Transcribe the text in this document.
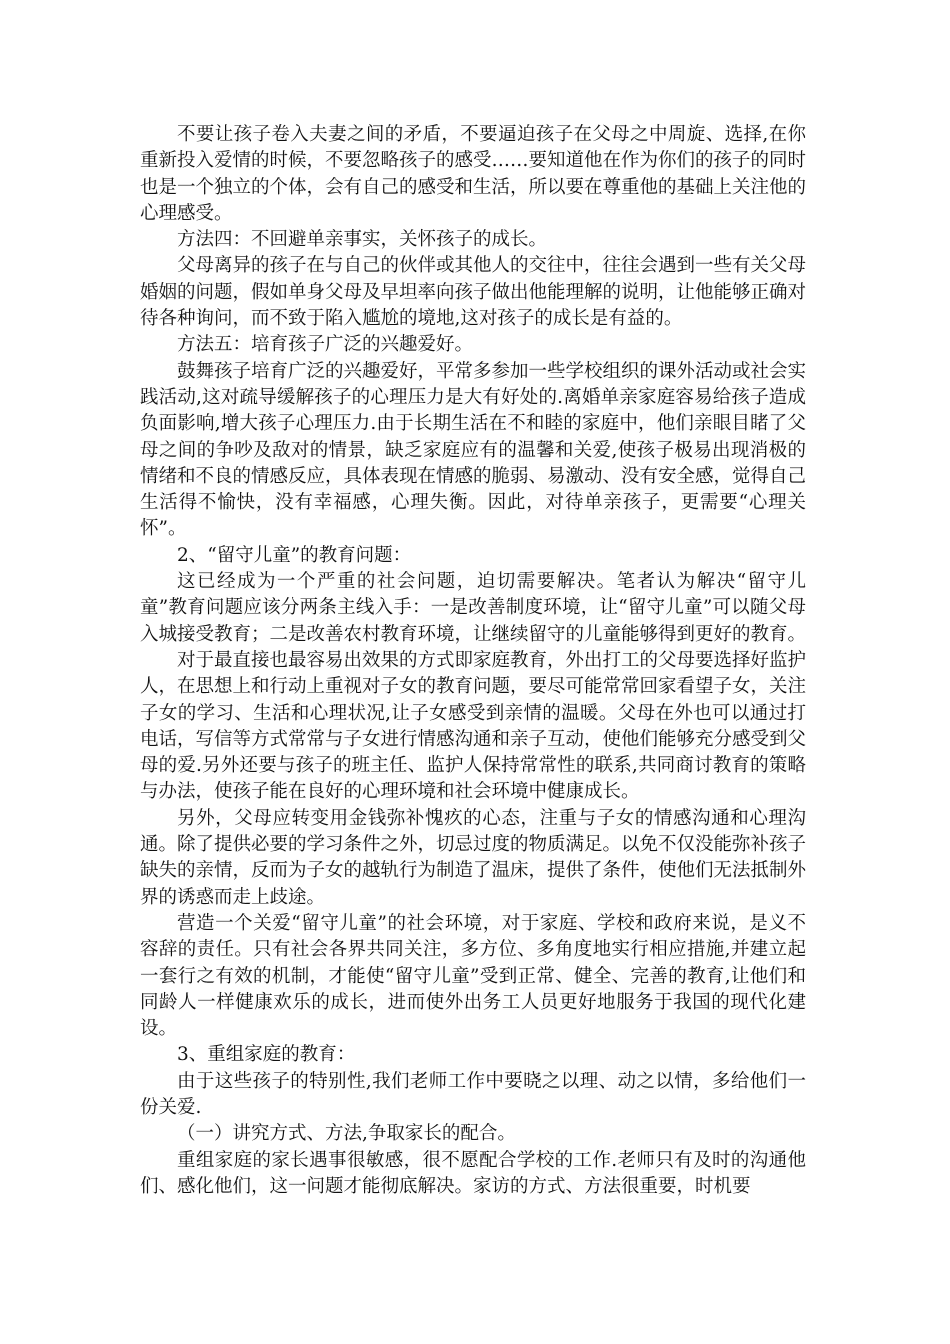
不要让孩子卷入夫妻之间的矛盾，不要逼迫孩子在父母之中周旋、选择,在你重新投入爱情的时候，不要忽略孩子的感受……要知道他在作为你们的孩子的同时也是一个独立的个体，会有自己的感受和生活，所以要在尊重他的基础上关注他的心理感受。

方法四：不回避单亲事实，关怀孩子的成长。

父母离异的孩子在与自己的伙伴或其他人的交往中，往往会遇到一些有关父母婚姻的问题，假如单身父母及早坦率向孩子做出他能理解的说明，让他能够正确对待各种询问，而不致于陷入尴尬的境地,这对孩子的成长是有益的。

方法五：培育孩子广泛的兴趣爱好。

鼓舞孩子培育广泛的兴趣爱好，平常多参加一些学校组织的课外活动或社会实践活动,这对疏导缓解孩子的心理压力是大有好处的.离婚单亲家庭容易给孩子造成负面影响,增大孩子心理压力.由于长期生活在不和睦的家庭中，他们亲眼目睹了父母之间的争吵及敌对的情景，缺乏家庭应有的温馨和关爱,使孩子极易出现消极的情绪和不良的情感反应，具体表现在情感的脆弱、易激动、没有安全感，觉得自己生活得不愉快，没有幸福感，心理失衡。因此，对待单亲孩子，更需要“心理关怀”。

2、“留守儿童”的教育问题：

这已经成为一个严重的社会问题，迫切需要解决。笔者认为解决“留守儿童”教育问题应该分两条主线入手：一是改善制度环境，让“留守儿童”可以随父母入城接受教育；二是改善农村教育环境，让继续留守的儿童能够得到更好的教育。

对于最直接也最容易出效果的方式即家庭教育，外出打工的父母要选择好监护人，在思想上和行动上重视对子女的教育问题，要尽可能常常回家看望子女，关注子女的学习、生活和心理状况,让子女感受到亲情的温暖。父母在外也可以通过打电话，写信等方式常常与子女进行情感沟通和亲子互动，使他们能够充分感受到父母的爱.另外还要与孩子的班主任、监护人保持常常性的联系,共同商讨教育的策略与办法，使孩子能在良好的心理环境和社会环境中健康成长。

另外，父母应转变用金钱弥补愧疚的心态，注重与子女的情感沟通和心理沟通。除了提供必要的学习条件之外，切忌过度的物质满足。以免不仅没能弥补孩子缺失的亲情，反而为子女的越轨行为制造了温床，提供了条件，使他们无法抵制外界的诱惑而走上歧途。

营造一个关爱“留守儿童”的社会环境，对于家庭、学校和政府来说，是义不容辞的责任。只有社会各界共同关注，多方位、多角度地实行相应措施,并建立起一套行之有效的机制，才能使“留守儿童”受到正常、健全、完善的教育,让他们和同龄人一样健康欢乐的成长，进而使外出务工人员更好地服务于我国的现代化建设。

3、重组家庭的教育：

由于这些孩子的特别性,我们老师工作中要晓之以理、动之以情，多给他们一份关爱.

（一）讲究方式、方法,争取家长的配合。

重组家庭的家长遇事很敏感，很不愿配合学校的工作.老师只有及时的沟通他们、感化他们，这一问题才能彻底解决。家访的方式、方法很重要，时机要
